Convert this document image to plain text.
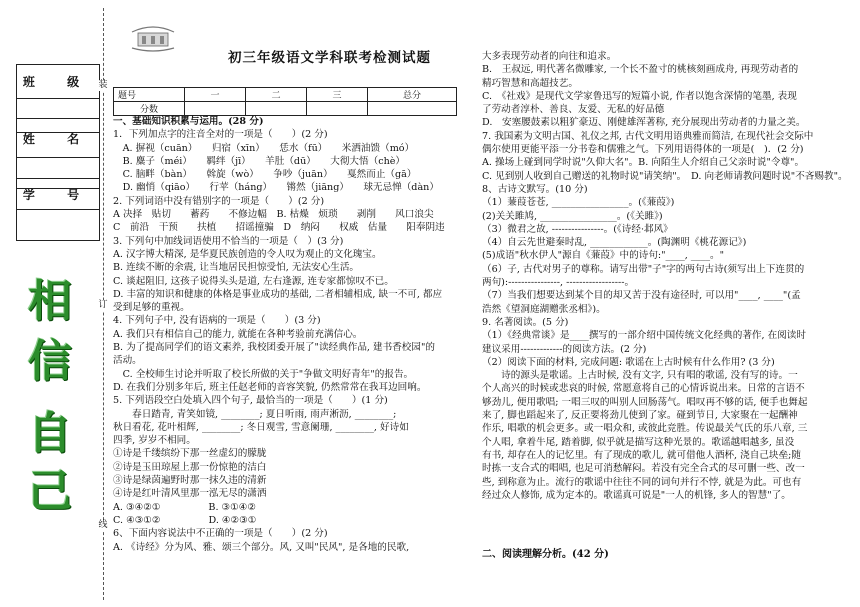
初三年级语文学科联考检测试题
班 级
姓 名
学 号
相
信
自
己
装
订
线
题号	一	二	三	总分
分数				

一、基础知识积累与运用。(28 分)

1．下列加点字的注音全对的一项是（　　）(2 分)

　A. 摒视（cuān）　　归宿（xīn）　　恁水（fū）　　米洒油馈（mó）

　B. 麋子（méi）　　羁绊（jī）　　羊肚（dū）　　大彻大悟（chè）

　C. 脑畔（bàn）　　斡旋（wò）　　争吵（juān）　　戛然而止（gā）

　D. 幽悄（qiāo）　　行苹（háng）　　锵然（jiāng）　　球无忌惮（dàn）

2. 下列词语中没有错别字的一项是（　　）(2 分)

A 决择　贴切　　蓄药　　不修边幅　B. 枯燥　烦琐　　剥削　　风口浪尖

C　前沿　干预　　扶植　　招谣撞骗　D　纳闷　　权威　估量　　阳奉阴违

3. 下列句中加线词语使用不恰当的一项是（　）(3 分)

A. 汉字博大精深, 是华夏民族创造的令人叹为观止的文化瑰宝。

B. 连续不断的余震, 让当地居民担惊受怕, 无法安心生活。

C. 谈起阻旧, 这孩子说得头头是道, 左右逢源, 连专家都惊叹不已。

D. 丰富的知识和健康的体格是事业成功的基础, 二者相辅相成, 缺一不可, 都应

受到足够的重视。

4. 下列句子中, 没有语病的一项是（　　）(3 分)

A. 我们只有相信自己的能力, 就能在各种考验前充满信心。

B. 为了提高同学们的语文素养, 我校团委开展了"读经典作品, 建书香校园"的

活动。

　C. 全校师生讨论并听取了校长所做的关于"争做文明好青年"的报告。

D. 在我们分别多年后, 班主任赵老师的音容笑貌, 仍然常常在我耳边回响。

5. 下列语段空白处填入四个句子, 最恰当的一项是（　　）(1 分)

　　春日踏青, 青笑如镜, ________; 夏日听雨, 雨声淅沥, ________;

秋日看花, 花叶相辉, ________; 冬日观雪, 雪意阑珊, ________, 好诗如

四季, 岁岁不相同。

①诗是千缕缤纷下那一丝虚幻的朦胧

②诗是玉田琼屋上那一份惊艳的洁白

③诗是绿茵遍野时那一抹久违的清新

④诗是红叶清风里那一泓无尽的潇洒

A. ③④②①　　　　　B. ③①④②

C. ④③①②　　　　　D. ④②③①

6、下面内容说法中不正确的一项是（　　）(2 分)

A. 《诗经》分为风、雅、颂三个部分。风, 又叫"民风", 是各地的民歌,

大多表现劳动者的向往和追求。

B.　王叔远, 明代著名微雕家, 一个长不盈寸的桃核刻画成舟, 再现劳动者的

精巧智慧和高超技艺。

C.　《社戏》是现代文学家鲁迅写的短篇小说, 作者以饱含深情的笔墨, 表现

了劳动者淳朴、善良、友爱、无私的好品德

D.　安塞腰鼓素以粗犷豪迈、刚健雄浑著称, 充分展现出劳动者的力量之美。

7. 我国素为文明古国、礼仪之邦, 古代文明用语典雅而简洁, 在现代社会交际中

偶尔使用更能平添一分书卷和儒雅之气。下列用语得体的一项是(　)．(2 分)

A. 操场上碰到同学时说"久仰大名"。B. 向陌生人介绍自己父亲时说"令尊"。

C. 见到别人收到自己赠送的礼物时说"请笑纳"。　D. 向老师请教问题时说"不吝赐教"。

8、古诗文默写。(10 分)

（1）蒹葭苍苍, ________________。(《蒹葭》)

(2)关关雎鸠, ________________。(《关雎》)

（3）微君之故, ----------------。(《诗经·邶风》

（4）自云先世避秦时乱, ____________。(陶渊明《桃花源记》)

(5)成语"秋水伊人"源自《蒹葭》中的诗句:"____, ____。"

（6）子, 古代对男子的尊称。请写出带"子"字的两句古诗(须写出上下连贯的

两句):----------------, ------------------。

（7）当我们想要达到某个目的却又苦于没有途径时, 可以用"____, ____"(孟

浩然《望洞庭湖赠张丞相》)。

9. 名著阅读。(5 分)

（1）《经典常谈》是____撰写的一部介绍中国传统文化经典的著作, 在阅读时

建议采用-------------的阅读方法。(2 分)

（2）阅读下面的材料, 完成问题: 歌谣在上古时候有什么作用? (3 分)

　　诗的源头是歌谣。上古时候, 没有文字, 只有唱的歌谣, 没有写的诗。一

个人高兴的时候或悲哀的时候, 常愿意将自己的心情诉说出来。日常的言语不

够劲儿, 便用歌唱; 一唱三叹的叫别人回肠荡气。唱叹再不够的话, 便手也舞起

来了, 脚也蹈起来了, 反正要将劲儿使到了家。碰到节日, 大家聚在一起酬神

作乐, 唱歌的机会更多。或一唱众和, 或彼此竞胜。传说最关气氏的乐八章, 三

个人唱, 拿着牛尾, 踏着脚, 似乎就是描写这种光景的。歌谣越唱越多, 虽没

有书, 却存在人的记忆里。有了现成的歌儿, 就可借他人酒杯, 浇自己块垒;随

时拣一支合式的唱唱, 也足可消愁解闷。若没有完全合式的尽可删一些、改一

些, 到称意为止。流行的歌谣中往往不同的词句并行不悖, 就是为此。可也有

经过众人修饰, 成为定本的。歌谣真可说是"一人的机锋, 多人的智慧"了。

二、阅读理解分析。(42 分)
